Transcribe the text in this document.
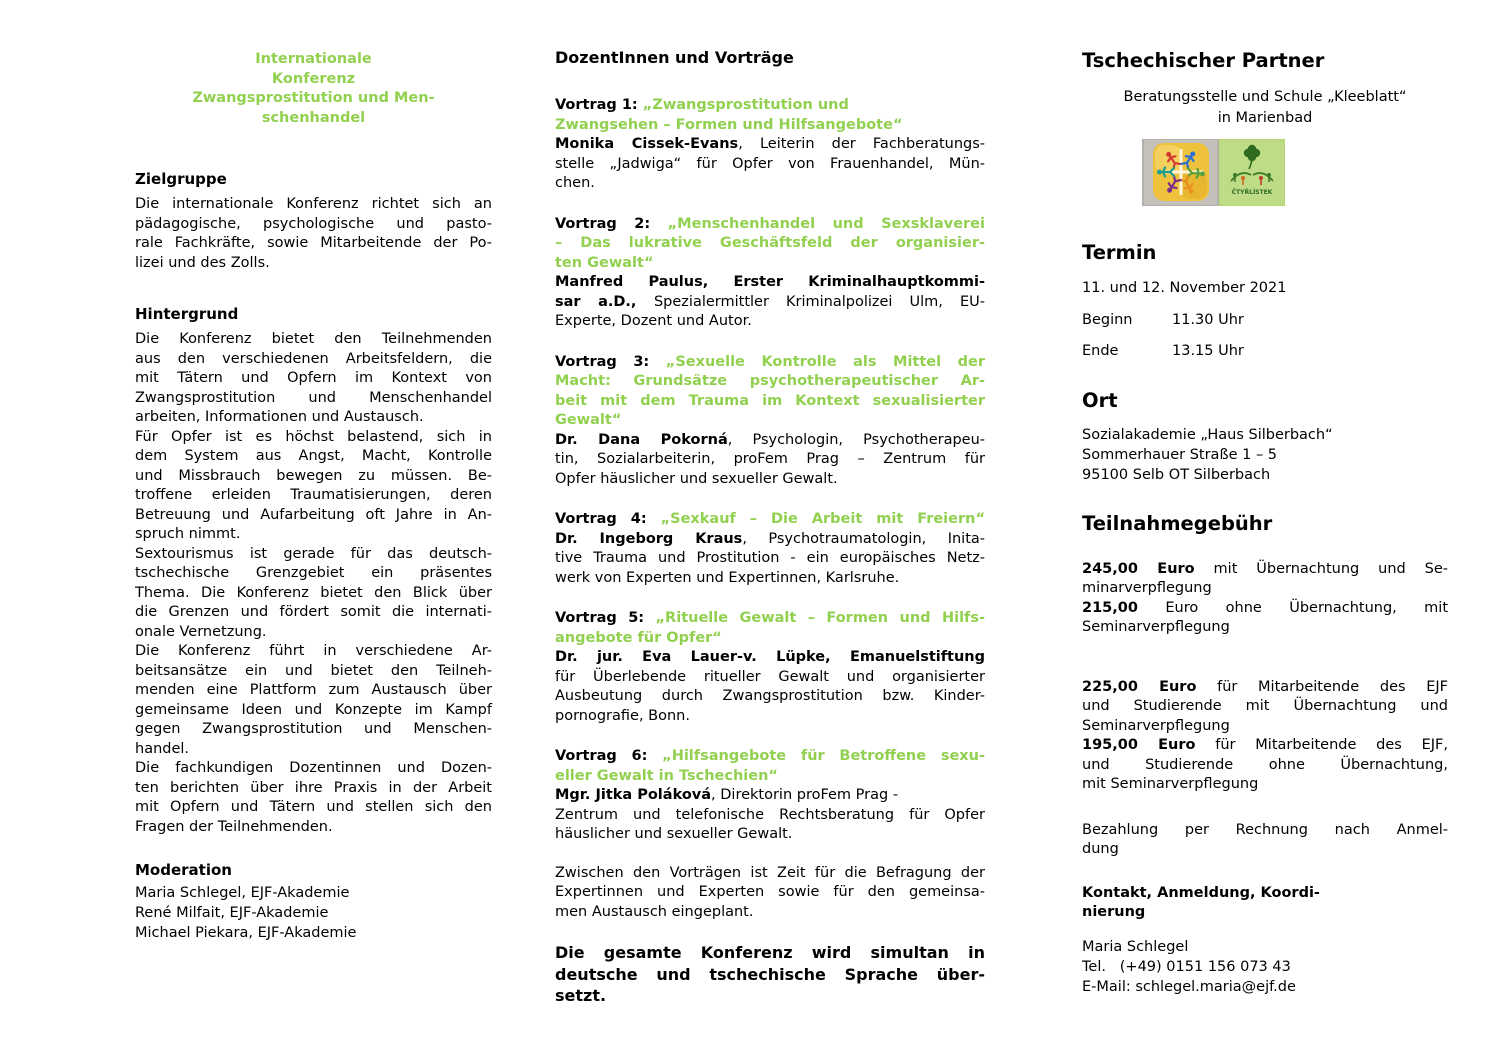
Internationale
Konferenz
Zwangsprostitution und Men-
schenhandel
Zielgruppe
Die internationale Konferenz richtet sich an
pädagogische, psychologische und pasto-
rale Fachkräfte, sowie Mitarbeitende der Po-
lizei und des Zolls.
Hintergrund
Die Konferenz bietet den Teilnehmenden
aus den verschiedenen Arbeitsfeldern, die
mit Tätern und Opfern im Kontext von
Zwangsprostitution und Menschenhandel
arbeiten, Informationen und Austausch.
Für Opfer ist es höchst belastend, sich in
dem System aus Angst, Macht, Kontrolle
und Missbrauch bewegen zu müssen. Be-
troffene erleiden Traumatisierungen, deren
Betreuung und Aufarbeitung oft Jahre in An-
spruch nimmt.
Sextourismus ist gerade für das deutsch-
tschechische Grenzgebiet ein präsentes
Thema. Die Konferenz bietet den Blick über
die Grenzen und fördert somit die internati-
onale Vernetzung.
Die Konferenz führt in verschiedene Ar-
beitsansätze ein und bietet den Teilneh-
menden eine Plattform zum Austausch über
gemeinsame Ideen und Konzepte im Kampf
gegen Zwangsprostitution und Menschen-
handel.
Die fachkundigen Dozentinnen und Dozen-
ten berichten über ihre Praxis in der Arbeit
mit Opfern und Tätern und stellen sich den
Fragen der Teilnehmenden.
Moderation
Maria Schlegel, EJF-Akademie
René Milfait, EJF-Akademie
Michael Piekara, EJF-Akademie
DozentInnen und Vorträge
Vortrag 1: „Zwangsprostitution und
Zwangsehen – Formen und Hilfsangebote“
Monika Cissek-Evans, Leiterin der Fachberatungs-
stelle „Jadwiga“ für Opfer von Frauenhandel, Mün-
chen.
Vortrag 2: „Menschenhandel und Sexsklaverei
– Das lukrative Geschäftsfeld der organisier-
ten Gewalt“
Manfred Paulus, Erster Kriminalhauptkommi-
sar a.D., Spezialermittler Kriminalpolizei Ulm, EU-
Experte, Dozent und Autor.
Vortrag 3: „Sexuelle Kontrolle als Mittel der
Macht: Grundsätze psychotherapeutischer Ar-
beit mit dem Trauma im Kontext sexualisierter
Gewalt“
Dr. Dana Pokorná, Psychologin, Psychotherapeu-
tin, Sozialarbeiterin, proFem Prag – Zentrum für
Opfer häuslicher und sexueller Gewalt.
Vortrag 4: „Sexkauf – Die Arbeit mit Freiern“
Dr. Ingeborg Kraus, Psychotraumatologin, Inita-
tive Trauma und Prostitution - ein europäisches Netz-
werk von Experten und Expertinnen, Karlsruhe.
Vortrag 5: „Rituelle Gewalt – Formen und Hilfs-
angebote für Opfer“
Dr. jur. Eva Lauer-v. Lüpke, Emanuelstiftung
für Überlebende ritueller Gewalt und organisierter
Ausbeutung durch Zwangsprostitution bzw. Kinder-
pornografie, Bonn.
Vortrag 6: „Hilfsangebote für Betroffene sexu-
eller Gewalt in Tschechien“
Mgr. Jitka Poláková, Direktorin proFem Prag -
Zentrum und telefonische Rechtsberatung für Opfer
häuslicher und sexueller Gewalt.
Zwischen den Vorträgen ist Zeit für die Befragung der
Expertinnen und Experten sowie für den gemeinsa-
men Austausch eingeplant.
Die gesamte Konferenz wird simultan in
deutsche und tschechische Sprache über-
setzt.
Tschechischer Partner
Beratungsstelle und Schule „Kleeblatt“
in Marienbad
ČTYŘLÍSTEK
Termin
11. und 12. November 2021
Beginn	11.30 Uhr
Ende	13.15 Uhr
Ort
Sozialakademie „Haus Silberbach“
Sommerhauer Straße 1 – 5
95100 Selb OT Silberbach
Teilnahmegebühr
245,00 Euro mit Übernachtung und Se-
minarverpflegung
215,00 Euro ohne Übernachtung, mit
Seminarverpflegung
225,00 Euro für Mitarbeitende des EJF
und Studierende mit Übernachtung und
Seminarverpflegung
195,00 Euro für Mitarbeitende des EJF,
und Studierende ohne Übernachtung,
mit Seminarverpflegung
Bezahlung per Rechnung nach Anmel-
dung
Kontakt, Anmeldung, Koordi-
nierung
Maria Schlegel
Tel.   (+49) 0151 156 073 43
E-Mail: schlegel.maria@ejf.de
